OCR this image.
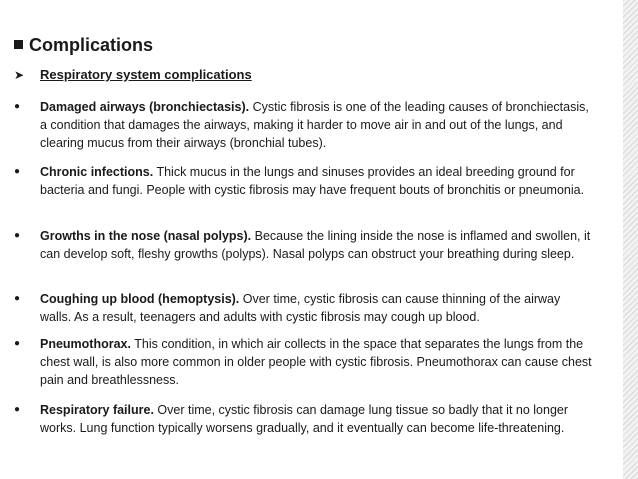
Complications
➤ Respiratory system complications
● Damaged airways (bronchiectasis). Cystic fibrosis is one of the leading causes of bronchiectasis, a condition that damages the airways, making it harder to move air in and out of the lungs, and clearing mucus from their airways (bronchial tubes).
● Chronic infections. Thick mucus in the lungs and sinuses provides an ideal breeding ground for bacteria and fungi. People with cystic fibrosis may have frequent bouts of bronchitis or pneumonia.
● Growths in the nose (nasal polyps). Because the lining inside the nose is inflamed and swollen, it can develop soft, fleshy growths (polyps). Nasal polyps can obstruct your breathing during sleep.
● Coughing up blood (hemoptysis). Over time, cystic fibrosis can cause thinning of the airway walls. As a result, teenagers and adults with cystic fibrosis may cough up blood.
● Pneumothorax. This condition, in which air collects in the space that separates the lungs from the chest wall, is also more common in older people with cystic fibrosis. Pneumothorax can cause chest pain and breathlessness.
● Respiratory failure. Over time, cystic fibrosis can damage lung tissue so badly that it no longer works. Lung function typically worsens gradually, and it eventually can become life-threatening.
